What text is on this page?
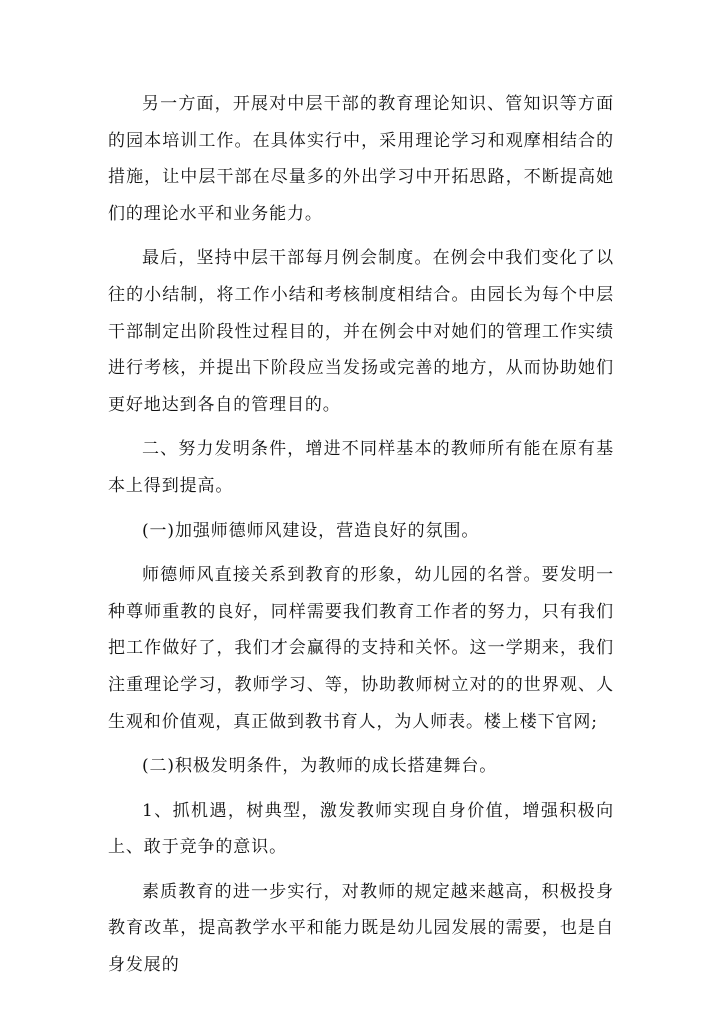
另一方面，开展对中层干部的教育理论知识、管知识等方面的园本培训工作。在具体实行中，采用理论学习和观摩相结合的措施，让中层干部在尽量多的外出学习中开拓思路，不断提高她们的理论水平和业务能力。

最后，坚持中层干部每月例会制度。在例会中我们变化了以往的小结制，将工作小结和考核制度相结合。由园长为每个中层干部制定出阶段性过程目的，并在例会中对她们的管理工作实绩进行考核，并提出下阶段应当发扬或完善的地方，从而协助她们更好地达到各自的管理目的。

二、努力发明条件，增进不同样基本的教师所有能在原有基本上得到提高。

(一)加强师德师风建设，营造良好的氛围。

师德师风直接关系到教育的形象，幼儿园的名誉。要发明一种尊师重教的良好，同样需要我们教育工作者的努力，只有我们把工作做好了，我们才会赢得的支持和关怀。这一学期来，我们注重理论学习，教师学习、等，协助教师树立对的的世界观、人生观和价值观，真正做到教书育人，为人师表。楼上楼下官网;

(二)积极发明条件，为教师的成长搭建舞台。

1、抓机遇，树典型，激发教师实现自身价值，增强积极向上、敢于竞争的意识。

素质教育的进一步实行，对教师的规定越来越高，积极投身教育改革，提高教学水平和能力既是幼儿园发展的需要，也是自身发展的
